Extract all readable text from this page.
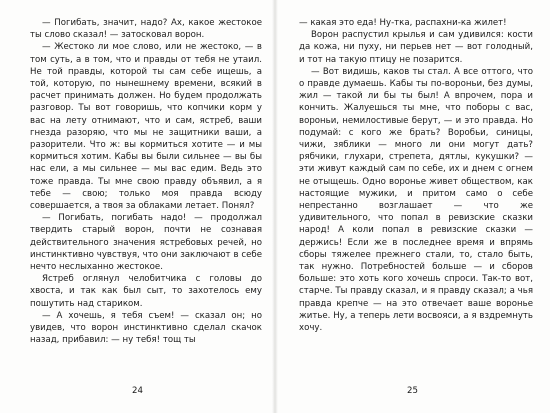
— Погибать, значит, надо? Ах, какое жестокое ты слово сказал! — затосковал ворон.

— Жестоко ли мое слово, или не жестоко, — в том суть, а в том, что и правды от тебя не утаил. Не той правды, которой ты сам себе ищешь, а той, которую, по нынешнему времени, всякий в расчет принимать должен. Но будем продолжать разговор. Ты вот говоришь, что копчики корм у вас на лету отнимают, что и сам, ястреб, ваши гнезда разоряю, что мы не защитники ваши, а разорители. Что ж: вы кормиться хотите — и мы кормиться хотим. Кабы вы были сильнее — вы бы нас ели, а мы сильнее — мы вас едим. Ведь это тоже правда. Ты мне свою правду объявил, а я тебе — свою; только моя правда всюду совершается, а твоя за облаками летает. Понял?

— Погибать, погибать надо! — продолжал твердить старый ворон, почти не сознавая действительного значения ястребовых речей, но инстинктивно чувствуя, что они заключают в себе нечто неслыханно жестокое.

Ястреб оглянул челобитчика с головы до хвоста, и так как был сыт, то захотелось ему пошутить над стариком.

— А хочешь, я тебя съем! — сказал он; но увидев, что ворон инстинктивно сделал скачок назад, прибавил: — ну тебя! тощ ты

24

— какая это еда! Ну-тка, распахни-ка жилет!

Ворон распустил крылья и сам удивился: кости да кожа, ни пуху, ни перьев нет — вот голодный, и тот на такую птицу не позарится.

— Вот видишь, каков ты стал. А все оттого, что о правде думаешь. Кабы ты по-вороньи, без думы, жил — такой ли бы ты был! А впрочем, пора и кончить. Жалуешься ты мне, что поборы с вас, вороньи, немилостивые берут, — и это правда. Но подумай: с кого же брать? Воробьи, синицы, чижи, зяблики — много ли они могут дать? рябчики, глухари, стрепета, дятлы, кукушки? — эти живут каждый сам по себе, их и днем с огнем не отыщешь. Одно воронье живет обществом, как настоящие мужики, и притом само о себе непрестанно возглашает — что же удивительного, что попал в ревизские сказки народ! А коли попал в ревизские сказки — держись! Если же в последнее время и впрямь сборы тяжелее прежнего стали, то, стало быть, так нужно. Потребностей больше — и сборов больше: это хоть кого хочешь спроси. Так-то вот, старче. Ты правду сказал, и я правду сказал; а чья правда крепче — на это отвечает ваше воронье житье. Ну, а теперь лети восвояси, а я вздремнуть хочу.

25
